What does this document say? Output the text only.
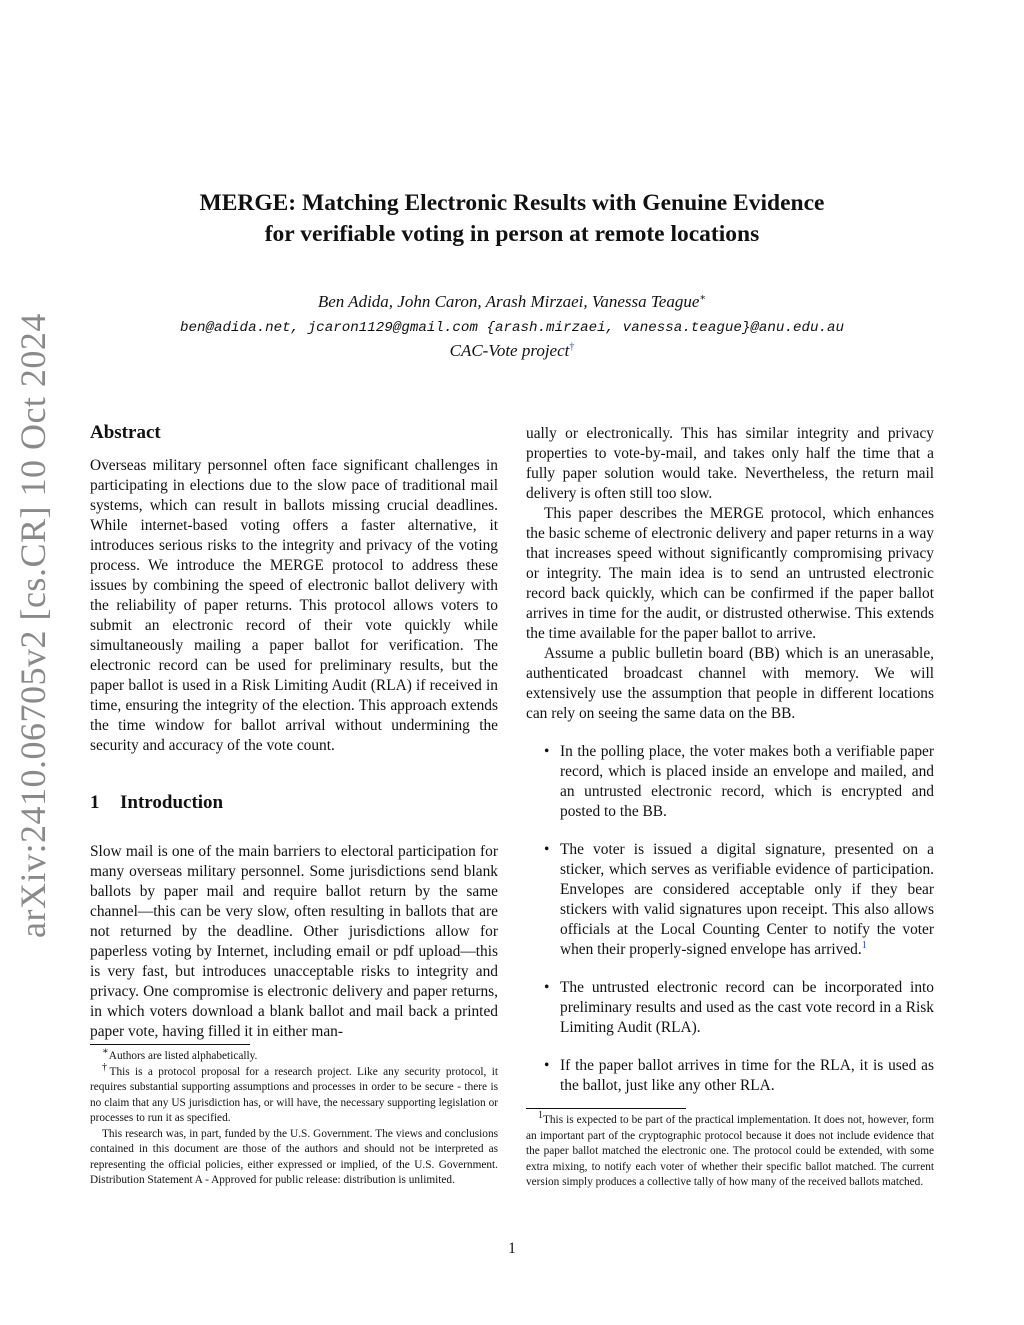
arXiv:2410.06705v2 [cs.CR] 10 Oct 2024
MERGE: Matching Electronic Results with Genuine Evidence
for verifiable voting in person at remote locations
Ben Adida, John Caron, Arash Mirzaei, Vanessa Teague∗
ben@adida.net, jcaron1129@gmail.com {arash.mirzaei, vanessa.teague}@anu.edu.au
CAC-Vote project†
Abstract

Overseas military personnel often face significant challenges in participating in elections due to the slow pace of traditional mail systems, which can result in ballots missing crucial deadlines. While internet-based voting offers a faster alternative, it introduces serious risks to the integrity and privacy of the voting process. We introduce the MERGE protocol to address these issues by combining the speed of electronic ballot delivery with the reliability of paper returns. This protocol allows voters to submit an electronic record of their vote quickly while simultaneously mailing a paper ballot for verification. The electronic record can be used for preliminary results, but the paper ballot is used in a Risk Limiting Audit (RLA) if received in time, ensuring the integrity of the election. This approach extends the time window for ballot arrival without undermining the security and accuracy of the vote count.

1 Introduction

Slow mail is one of the main barriers to electoral participation for many overseas military personnel. Some jurisdictions send blank ballots by paper mail and require ballot return by the same channel—this can be very slow, often resulting in ballots that are not returned by the deadline. Other jurisdictions allow for paperless voting by Internet, including email or pdf upload—this is very fast, but introduces unacceptable risks to integrity and privacy. One compromise is electronic delivery and paper returns, in which voters download a blank ballot and mail back a printed paper vote, having filled it in either man-

ually or electronically. This has similar integrity and privacy properties to vote-by-mail, and takes only half the time that a fully paper solution would take. Nevertheless, the return mail delivery is often still too slow.

This paper describes the MERGE protocol, which enhances the basic scheme of electronic delivery and paper returns in a way that increases speed without significantly compromising privacy or integrity. The main idea is to send an untrusted electronic record back quickly, which can be confirmed if the paper ballot arrives in time for the audit, or distrusted otherwise. This extends the time available for the paper ballot to arrive.

Assume a public bulletin board (BB) which is an unerasable, authenticated broadcast channel with memory. We will extensively use the assumption that people in different locations can rely on seeing the same data on the BB.

• In the polling place, the voter makes both a verifiable paper record, which is placed inside an envelope and mailed, and an untrusted electronic record, which is encrypted and posted to the BB.
• The voter is issued a digital signature, presented on a sticker, which serves as verifiable evidence of participation. Envelopes are considered acceptable only if they bear stickers with valid signatures upon receipt. This also allows officials at the Local Counting Center to notify the voter when their properly-signed envelope has arrived.$^1$
• The untrusted electronic record can be incorporated into preliminary results and used as the cast vote record in a Risk Limiting Audit (RLA).
• If the paper ballot arrives in time for the RLA, it is used as the ballot, just like any other RLA.

∗Authors are listed alphabetically.

†This is a protocol proposal for a research project. Like any security protocol, it requires substantial supporting assumptions and processes in order to be secure - there is no claim that any US jurisdiction has, or will have, the necessary supporting legislation or processes to run it as specified.

This research was, in part, funded by the U.S. Government. The views and conclusions contained in this document are those of the authors and should not be interpreted as representing the official policies, either expressed or implied, of the U.S. Government. Distribution Statement A - Approved for public release: distribution is unlimited.

$^1$This is expected to be part of the practical implementation. It does not, however, form an important part of the cryptographic protocol because it does not include evidence that the paper ballot matched the electronic one. The protocol could be extended, with some extra mixing, to notify each voter of whether their specific ballot matched. The current version simply produces a collective tally of how many of the received ballots matched.

1
